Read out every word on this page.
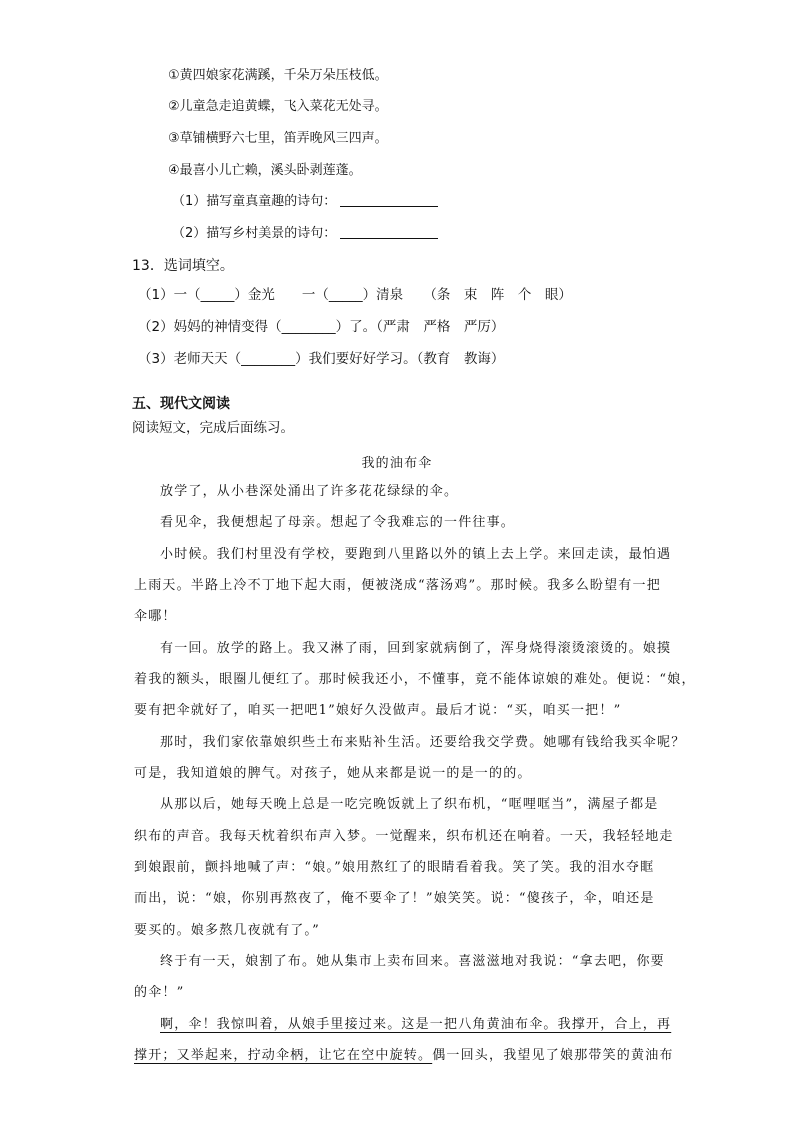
①黄四娘家花满蹊，千朵万朵压枝低。
②儿童急走追黄蝶，飞入菜花无处寻。
③草铺横野六七里，笛弄晚风三四声。
④最喜小儿亡赖，溪头卧剥莲蓬。
（1）描写童真童趣的诗句：
（2）描写乡村美景的诗句：
13．选词填空。
（1）一（_____）金光　　一（_____）清泉　　（条　束　阵　个　眼）
（2）妈妈的神情变得（________）了。（严肃　严格　严厉）
（3）老师天天（________）我们要好好学习。（教育　教诲）
五、现代文阅读
阅读短文，完成后面练习。
我的油布伞
放学了，从小巷深处涌出了许多花花绿绿的伞。
看见伞，我便想起了母亲。想起了令我难忘的一件往事。
小时候。我们村里没有学校，要跑到八里路以外的镇上去上学。来回走读，最怕遇
上雨天。半路上冷不丁地下起大雨，便被浇成“落汤鸡”。那时候。我多么盼望有一把
伞哪！
有一回。放学的路上。我又淋了雨，回到家就病倒了，浑身烧得滚烫滚烫的。娘摸
着我的额头，眼圈儿便红了。那时候我还小，不懂事，竟不能体谅娘的难处。便说：“娘，
要有把伞就好了，咱买一把吧1”娘好久没做声。最后才说：“买，咱买一把！”
那时，我们家依靠娘织些土布来贴补生活。还要给我交学费。她哪有钱给我买伞呢？
可是，我知道娘的脾气。对孩子，她从来都是说一的是一的的。
从那以后，她每天晚上总是一吃完晚饭就上了织布机，“哐哩哐当”，满屋子都是
织布的声音。我每天枕着织布声入梦。一觉醒来，织布机还在响着。一天，我轻轻地走
到娘跟前，颤抖地喊了声：“娘。”娘用熬红了的眼睛看着我。笑了笑。我的泪水夺眶
而出，说：“娘，你别再熬夜了，俺不要伞了！”娘笑笑。说：“傻孩子，伞，咱还是
要买的。娘多熬几夜就有了。”
终于有一天，娘割了布。她从集市上卖布回来。喜滋滋地对我说：“拿去吧，你要
的伞！”
啊，伞！我惊叫着，从娘手里接过来。这是一把八角黄油布伞。我撑开，合上，再
撑开；又举起来，拧动伞柄，让它在空中旋转。偶一回头，我望见了娘那带笑的黄油布
